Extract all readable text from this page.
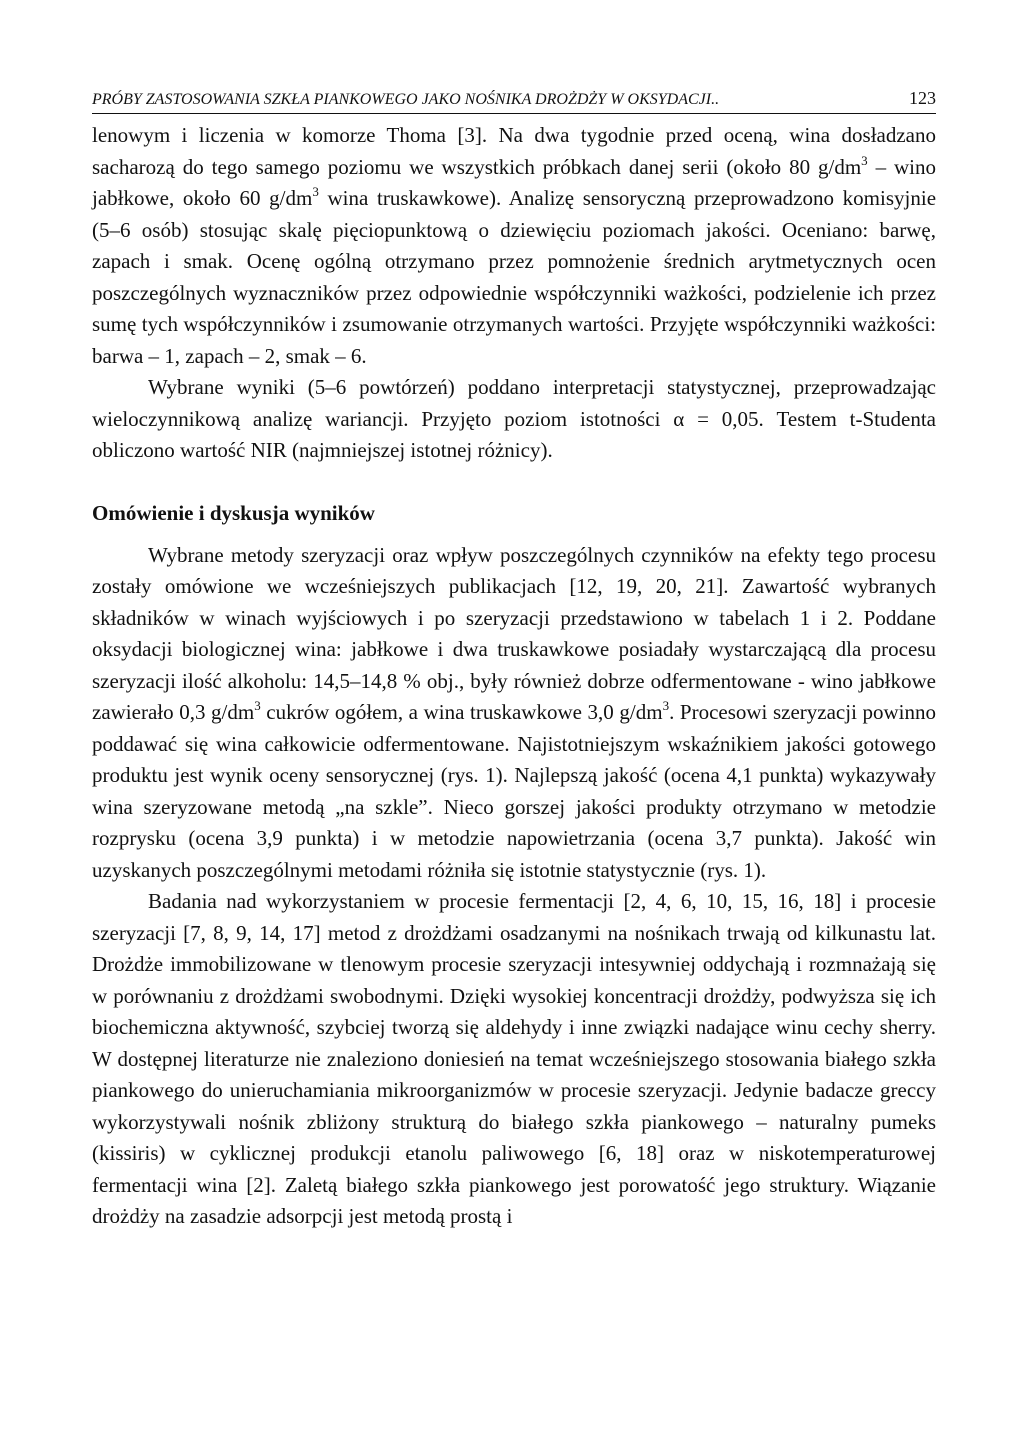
PRÓBY ZASTOSOWANIA SZKŁA PIANKOWEGO JAKO NOŚNIKA DROŻDŻY W OKSYDACJI..	123

lenowym i liczenia w komorze Thoma [3]. Na dwa tygodnie przed oceną, wina dosładzano sacharozą do tego samego poziomu we wszystkich próbkach danej serii (około 80 $g/dm^3$ – wino jabłkowe, około 60 $g/dm^3$ wina truskawkowe). Analizę sensoryczną przeprowadzono komisyjnie (5–6 osób) stosując skalę pięciopunktową o dziewięciu poziomach jakości. Oceniano: barwę, zapach i smak. Ocenę ogólną otrzymano przez pomnożenie średnich arytmetycznych ocen poszczególnych wyznaczników przez odpowiednie współczynniki ważkości, podzielenie ich przez sumę tych współczynników i zsumowanie otrzymanych wartości. Przyjęte współczynniki ważkości: barwa – 1, zapach – 2, smak – 6.

Wybrane wyniki (5–6 powtórzeń) poddano interpretacji statystycznej, przeprowadzając wieloczynnikową analizę wariancji. Przyjęto poziom istotności α = 0,05. Testem t-Studenta obliczono wartość NIR (najmniejszej istotnej różnicy).

Omówienie i dyskusja wyników

Wybrane metody szeryzacji oraz wpływ poszczególnych czynników na efekty tego procesu zostały omówione we wcześniejszych publikacjach [12, 19, 20, 21]. Zawartość wybranych składników w winach wyjściowych i po szeryzacji przedstawiono w tabelach 1 i 2. Poddane oksydacji biologicznej wina: jabłkowe i dwa truskawkowe posiadały wystarczającą dla procesu szeryzacji ilość alkoholu: 14,5–14,8 % obj., były również dobrze odfermentowane - wino jabłkowe zawierało 0,3 $g/dm^3$ cukrów ogółem, a wina truskawkowe 3,0 $g/dm^3$. Procesowi szeryzacji powinno poddawać się wina całkowicie odfermentowane. Najistotniejszym wskaźnikiem jakości gotowego produktu jest wynik oceny sensorycznej (rys. 1). Najlepszą jakość (ocena 4,1 punkta) wykazywały wina szeryzowane metodą „na szkle”. Nieco gorszej jakości produkty otrzymano w metodzie rozprysku (ocena 3,9 punkta) i w metodzie napowietrzania (ocena 3,7 punkta). Jakość win uzyskanych poszczególnymi metodami różniła się istotnie statystycznie (rys. 1).

Badania nad wykorzystaniem w procesie fermentacji [2, 4, 6, 10, 15, 16, 18] i procesie szeryzacji [7, 8, 9, 14, 17] metod z drożdżami osadzanymi na nośnikach trwają od kilkunastu lat. Drożdże immobilizowane w tlenowym procesie szeryzacji intesywniej oddychają i rozmnażają się w porównaniu z drożdżami swobodnymi. Dzięki wysokiej koncentracji drożdży, podwyższa się ich biochemiczna aktywność, szybciej tworzą się aldehydy i inne związki nadające winu cechy sherry. W dostępnej literaturze nie znaleziono doniesień na temat wcześniejszego stosowania białego szkła piankowego do unieruchamiania mikroorganizmów w procesie szeryzacji. Jedynie badacze greccy wykorzystywali nośnik zbliżony strukturą do białego szkła piankowego – naturalny pumeks (kissiris) w cyklicznej produkcji etanolu paliwowego [6, 18] oraz w niskotemperaturowej fermentacji wina [2]. Zaletą białego szkła piankowego jest porowatość jego struktury. Wiązanie drożdży na zasadzie adsorpcji jest metodą prostą i
